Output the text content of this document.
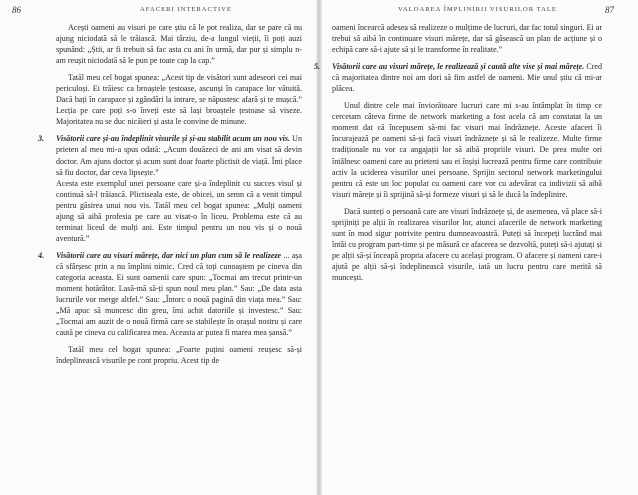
86	AFACERI INTERACTIVE

Acești oameni au visuri pe care știu că le pot realiza, dar se pare că nu ajung niciodată să le trăiască. Mai târziu, de-a lungul vieții, îi poți auzi spunând: „Știi, ar fi trebuit să fac asta cu ani în urmă, dar pur și simplu n-am reușit niciodată să le pun pe toate cap la cap.”

Tatăl meu cel bogat spunea: „Acest tip de visători sunt adeseori cei mai periculoși. Ei trăiesc ca broaștele țestoase, ascunși în carapace lor vătuită. Dacă bați în carapace și zgândări la intrare, se năpustesc afară și te mușcă.” Lecția pe care poți s-o înveți este să lași broaștele țestoase să viseze. Majoritatea nu se duc nicăieri și asta le convine de minune.

3. Visătorii care și-au îndeplinit visurile și și-au stabilit acum un nou vis. Un prieten al meu mi-a spus odată: „Acum douăzeci de ani am visat să devin doctor. Am ajuns doctor și acum sunt doar foarte plictisit de viață. Îmi place să fiu doctor, dar ceva lipsește.”

Acesta este exemplul unei persoane care și-a îndeplinit cu succes visul și continuă să-l trăiască. Plictiseala este, de obicei, un semn că a venit timpul pentru găsirea unui nou vis. Tatăl meu cel bogat spunea: „Mulți oameni ajung să aibă profesia pe care au visat-o în liceu. Problema este că au terminat liceul de mulți ani. Este timpul pentru un nou vis și o nouă aventură.”

4. Visătorii care au visuri mărețe, dar nici un plan cum să le realizeze ... așa că sfârșesc prin a nu împlini nimic. Cred că toți cunoaștem pe cineva din categoria aceasta. Ei sunt oamenii care spun: „Tocmai am trecut printr-un moment hotărâtor. Lasă-mă să-ți spun noul meu plan.” Sau: „De data asta lucrurile vor merge altfel.” Sau: „Întorc o nouă pagină din viața mea.” Sau: „Mă apuc să muncesc din greu, îmi achit datoriile și investesc.” Sau: „Tocmai am auzit de o nouă firmă care se stabilește în orașul nostru și care caută pe cineva cu calificarea mea. Aceasta ar putea fi marea mea șansă.”

Tatăl meu cel bogat spunea: „Foarte puțini oameni reușesc să-și îndeplinească visurile pe cont propriu. Acest tip de

VALOAREA ÎMPLINIRII VISURILOR TALE	87

oameni încearcă adesea să realizeze o mulțime de lucruri, dar fac totul singuri. Ei ar trebui să aibă în continuare visuri mărețe, dar să găsească un plan de acțiune și o echipă care să-i ajute să și le transforme în realitate.”

5. Visătorii care au visuri mărețe, le realizează și caută alte vise și mai mărețe. Cred că majoritatea dintre noi am dori să fim astfel de oameni. Mie unul știu că mi-ar plăcea.

Unul dintre cele mai înviorătoare lucruri care mi s-au întâmplat în timp ce cercetam câteva firme de network marketing a fost acela că am constatat la un moment dat că începusem să-mi fac visuri mai îndrăznețe. Aceste afaceri îi încurajează pe oameni să-și facă visuri îndrăznețe și să le realizeze. Multe firme tradiționale nu vor ca angajații lor să aibă propriile visuri. De prea multe ori întâlnesc oameni care au prieteni sau ei înșiși lucrează pentru firme care contribuie activ la uciderea visurilor unei persoane. Sprijin sectorul network marketingului pentru că este un loc populat cu oameni care vor cu adevărat ca indivizii să aibă visuri mărețe și îi sprijină să-și formeze visuri și să le ducă la îndeplinire.

Dacă sunteți o persoană care are visuri îndrăznețe și, de asemenea, vă place să-i sprijiniți pe alții în realizarea visurilor lor, atunci afacerile de network marketing sunt în mod sigur potrivite pentru dumneavoastră. Puteți să începeți lucrând mai întâi cu program part-time și pe măsură ce afacerea se dezvoltă, puteți să-i ajutați și pe alții să-și înceapă propria afacere cu același program. O afacere și oameni care-i ajută pe alții să-și îndeplinească visurile, iată un lucru pentru care merită să muncești.
